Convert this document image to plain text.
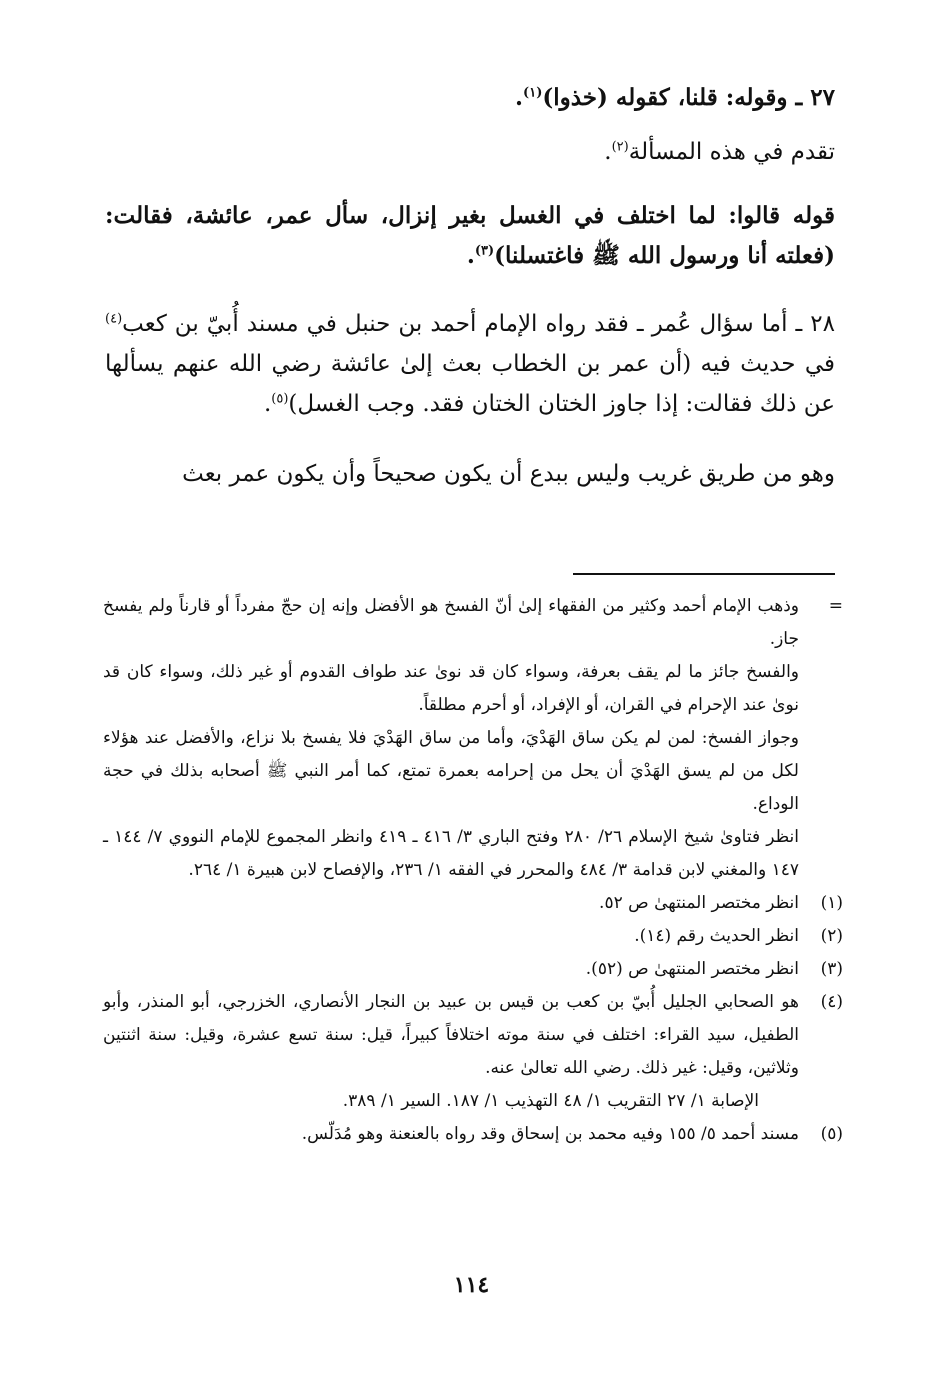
٢٧ ـ وقوله: قلنا، كقوله (خذوا)$^{(١)}$.

تقدم في هذه المسألة$^{(٢)}$.

قوله قالوا: لما اختلف في الغسل بغير إنزال، سأل عمر، عائشة، فقالت: (فعلته أنا ورسول الله ﷺ فاغتسلنا)$^{(٣)}$.

٢٨ ـ أما سؤال عُمر ـ فقد رواه الإمام أحمد بن حنبل في مسند أُبيّ بن كعب$^{(٤)}$ في حديث فيه (أن عمر بن الخطاب بعث إلىٰ عائشة رضي الله عنهم يسألها عن ذلك فقالت: إذا جاوز الختان الختان فقد. وجب الغسل)$^{(٥)}$.

وهو من طريق غريب وليس ببدع أن يكون صحيحاً وأن يكون عمر بعث

=

وذهب الإمام أحمد وكثير من الفقهاء إلىٰ أنّ الفسخ هو الأفضل وإنه إن حجّ مفرداً أو قارناً ولم يفسخ جاز.

والفسخ جائز ما لم يقف بعرفة، وسواء كان قد نوىٰ عند طواف القدوم أو غير ذلك، وسواء كان قد نوىٰ عند الإحرام في القران، أو الإفراد، أو أحرم مطلقاً.

وجواز الفسخ: لمن لم يكن ساق الهَدْيَ، وأما من ساق الهَدْيَ فلا يفسخ بلا نزاع، والأفضل عند هؤلاء لكل من لم يسق الهَدْيَ أن يحل من إحرامه بعمرة تمتع، كما أمر النبي ﷺ أصحابه بذلك في حجة الوداع.

انظر فتاوىٰ شيخ الإسلام ٢٦/ ٢٨٠ وفتح الباري ٣/ ٤١٦ ـ ٤١٩ وانظر المجموع للإمام النووي ٧/ ١٤٤ ـ ١٤٧ والمغني لابن قدامة ٣/ ٤٨٤ والمحرر في الفقه ١/ ٢٣٦، والإفصاح لابن هبيرة ١/ ٢٦٤.

(١)

انظر مختصر المنتهىٰ ص ٥٢.

(٢)

انظر الحديث رقم (١٤).

(٣)

انظر مختصر المنتهىٰ ص (٥٢).

(٤)

هو الصحابي الجليل أُبيّ بن كعب بن قيس بن عبيد بن النجار الأنصاري، الخزرجي، أبو المنذر، وأبو الطفيل، سيد القراء: اختلف في سنة موته اختلافاً كبيراً، قيل: سنة تسع عشرة، وقيل: سنة اثنتين وثلاثين، وقيل: غير ذلك. رضي الله تعالىٰ عنه.

الإصابة ١/ ٢٧ التقريب ١/ ٤٨ التهذيب ١/ ١٨٧. السير ١/ ٣٨٩.

(٥)

مسند أحمد ٥/ ١٥٥ وفيه محمد بن إسحاق وقد رواه بالعنعنة وهو مُدَلّس.

١١٤
